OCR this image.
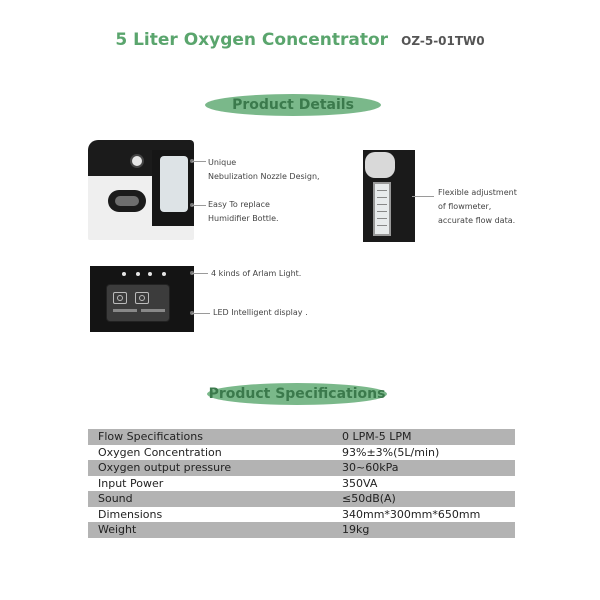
5 Liter Oxygen Concentrator OZ-5-01TW0
Product Details
Unique
Nebulization Nozzle Design,
Easy To replace
Humidifier Bottle.
Flexible adjustment
of flowmeter,
accurate flow data.
4 kinds of Arlam Light.
LED Intelligent display .
Product Specifications
Flow Specifications	0 LPM-5 LPM
Oxygen Concentration	93%±3%(5L/min)
Oxygen output pressure	30~60kPa
Input Power	350VA
Sound	≤50dB(A)
Dimensions	340mm*300mm*650mm
Weight	19kg
